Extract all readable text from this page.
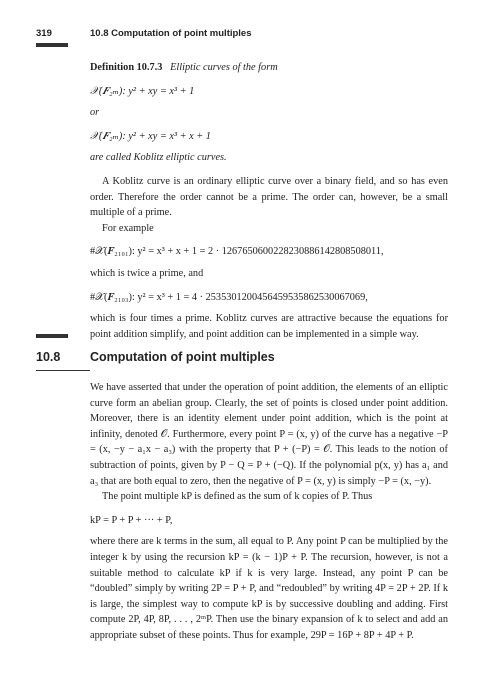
319	10.8 Computation of point multiples

Definition 10.7.3 Elliptic curves of the form

𝒳(𝑭₂ₘ): y² + xy = x³ + 1

or

𝒳(𝑭₂ₘ): y² + xy = x³ + x + 1

are called Koblitz elliptic curves.

A Koblitz curve is an ordinary elliptic curve over a binary field, and so has even order. Therefore the order cannot be a prime. The order can, however, be a small multiple of a prime.

For example

#𝒳(𝑭₂₁₀₁): y² = x³ + x + 1 = 2 · 1267650600228230886142808508011,

which is twice a prime, and

#𝒳(𝑭₂₁₀₃): y² = x³ + 1 = 4 · 2535301200456459535862530067069,

which is four times a prime. Koblitz curves are attractive because the equations for point addition simplify, and point addition can be implemented in a simple way.

10.8 Computation of point multiples

We have asserted that under the operation of point addition, the elements of an elliptic curve form an abelian group. Clearly, the set of points is closed under point addition. Moreover, there is an identity element under point addition, which is the point at infinity, denoted 𝒪. Furthermore, every point P = (x, y) of the curve has a negative −P = (x, −y − a₁x − a₃) with the property that P + (−P) = 𝒪. This leads to the notion of subtraction of points, given by P − Q = P + (−Q). If the polynomial p(x, y) has a₁ and a₃ that are both equal to zero, then the negative of P = (x, y) is simply −P = (x, −y).

The point multiple kP is defined as the sum of k copies of P. Thus

kP = P + P + ··· + P,

where there are k terms in the sum, all equal to P. Any point P can be multiplied by the integer k by using the recursion kP = (k − 1)P + P. The recursion, however, is not a suitable method to calculate kP if k is very large. Instead, any point P can be “doubled” simply by writing 2P = P + P, and “redoubled” by writing 4P = 2P + 2P. If k is large, the simplest way to compute kP is by successive doubling and adding. First compute 2P, 4P, 8P, . . . , 2ᵐP. Then use the binary expansion of k to select and add an appropriate subset of these points. Thus for example, 29P = 16P + 8P + 4P + P.
